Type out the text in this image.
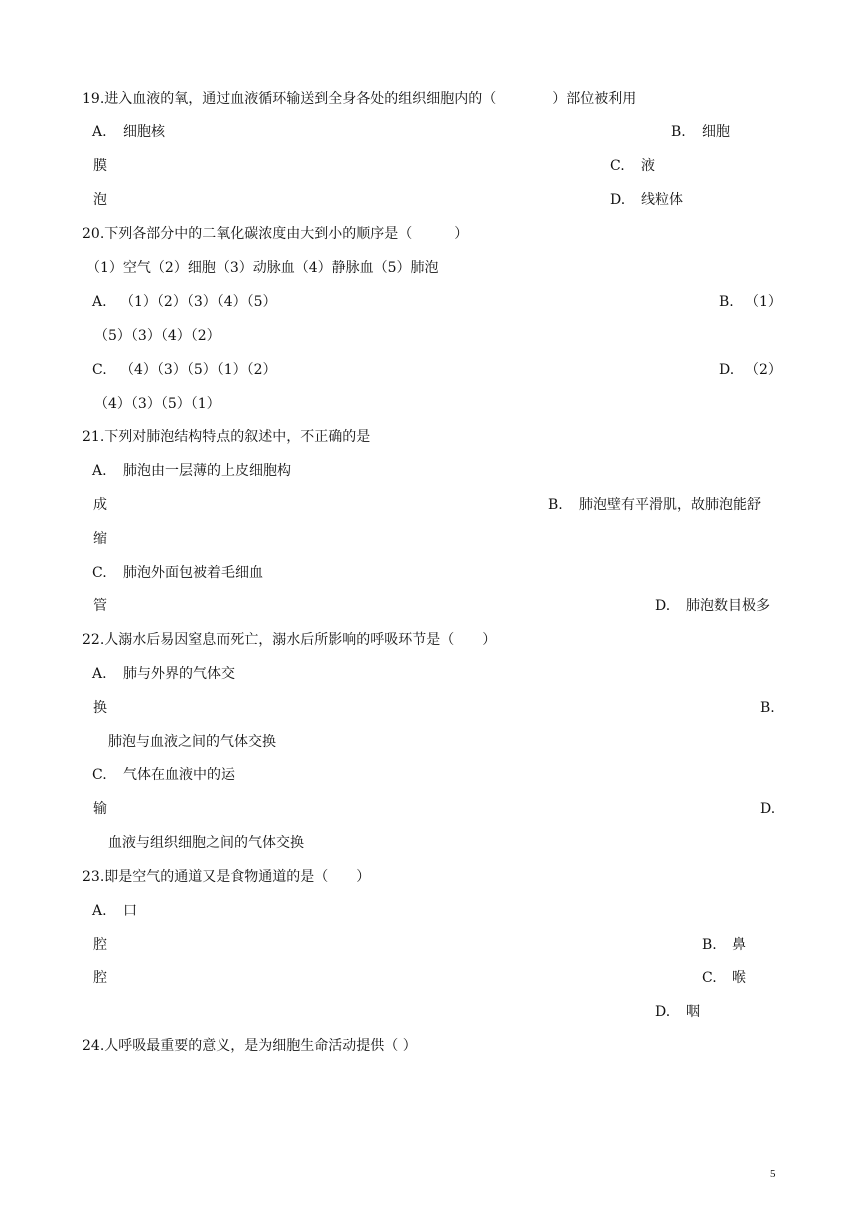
19.进入血液的氧，通过血液循环输送到全身各处的组织细胞内的（　　　　）部位被利用
A. 细胞核	B. 细胞
膜	C. 液
泡	D. 线粒体
20.下列各部分中的二氧化碳浓度由大到小的顺序是（　　　）
（1）空气（2）细胞（3）动脉血（4）静脉血（5）肺泡
A. （1）（2）（3）（4）（5）	B. （1）
（5）（3）（4）（2）
C. （4）（3）（5）（1）（2）	D. （2）
（4）（3）（5）（1）
21.下列对肺泡结构特点的叙述中，不正确的是
A. 肺泡由一层薄的上皮细胞构
成	B. 肺泡壁有平滑肌，故肺泡能舒
缩
C. 肺泡外面包被着毛细血
管	D. 肺泡数目极多
22.人溺水后易因窒息而死亡，溺水后所影响的呼吸环节是（　　）
A. 肺与外界的气体交
换	B.
肺泡与血液之间的气体交换
C. 气体在血液中的运
输	D.
血液与组织细胞之间的气体交换
23.即是空气的通道又是食物通道的是（　　）
A. 口
腔	B. 鼻
腔	C. 喉
D. 咽
24.人呼吸最重要的意义，是为细胞生命活动提供（ ）
5
